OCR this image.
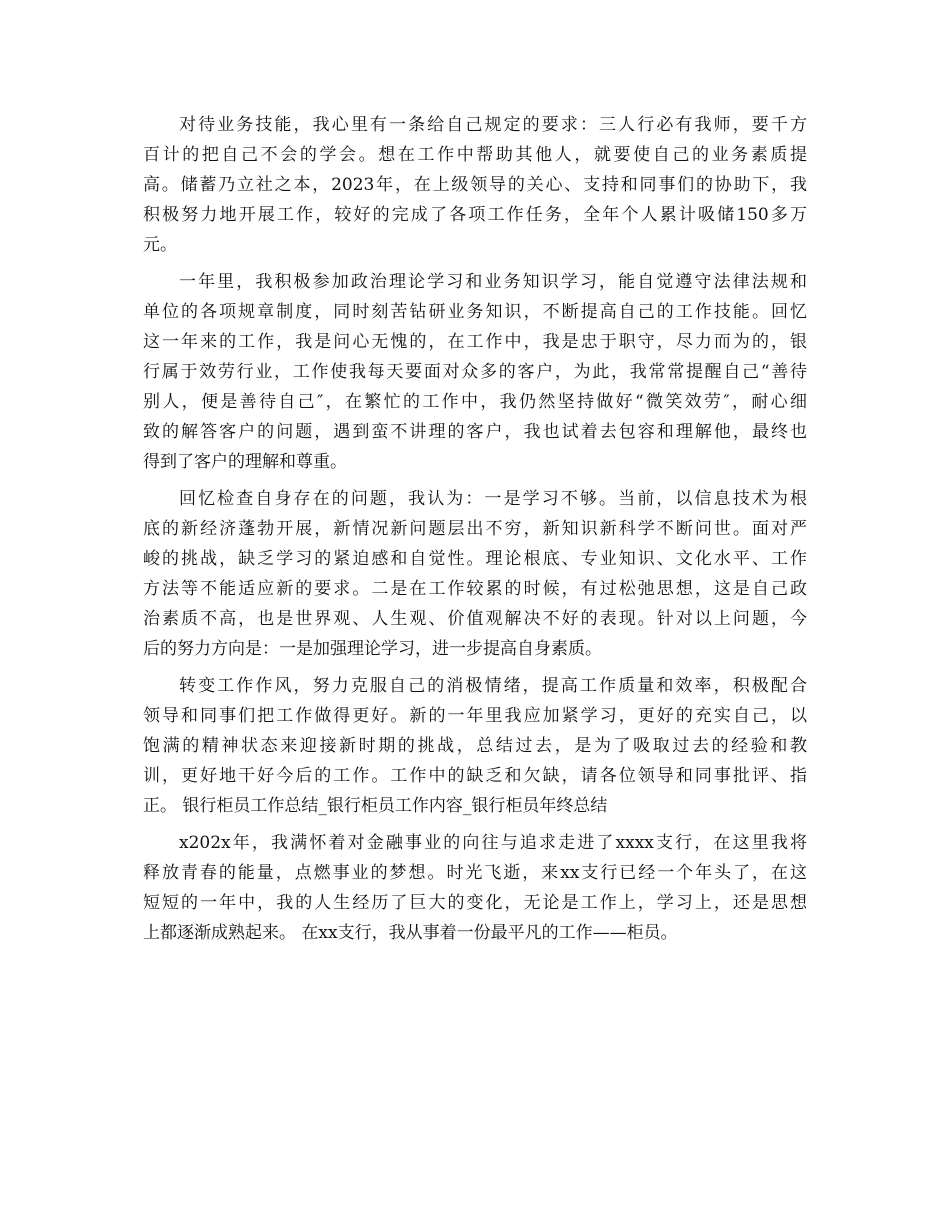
对待业务技能，我心里有一条给自己规定的要求：三人行必有我师，要千方
百计的把自己不会的学会。想在工作中帮助其他人，就要使自己的业务素质提
高。储蓄乃立社之本，2023年，在上级领导的关心、支持和同事们的协助下，我
积极努力地开展工作，较好的完成了各项工作任务，全年个人累计吸储150多万
元。
一年里，我积极参加政治理论学习和业务知识学习，能自觉遵守法律法规和
单位的各项规章制度，同时刻苦钻研业务知识，不断提高自己的工作技能。回忆
这一年来的工作，我是问心无愧的，在工作中，我是忠于职守，尽力而为的，银
行属于效劳行业，工作使我每天要面对众多的客户，为此，我常常提醒自己“善待
别人，便是善待自己″，在繁忙的工作中，我仍然坚持做好“微笑效劳″，耐心细
致的解答客户的问题，遇到蛮不讲理的客户，我也试着去包容和理解他，最终也
得到了客户的理解和尊重。
回忆检查自身存在的问题，我认为：一是学习不够。当前，以信息技术为根
底的新经济蓬勃开展，新情况新问题层出不穷，新知识新科学不断问世。面对严
峻的挑战，缺乏学习的紧迫感和自觉性。理论根底、专业知识、文化水平、工作
方法等不能适应新的要求。二是在工作较累的时候，有过松弛思想，这是自己政
治素质不高，也是世界观、人生观、价值观解决不好的表现。针对以上问题，今
后的努力方向是：一是加强理论学习，进一步提高自身素质。
转变工作作风，努力克服自己的消极情绪，提高工作质量和效率，积极配合
领导和同事们把工作做得更好。新的一年里我应加紧学习，更好的充实自己，以
饱满的精神状态来迎接新时期的挑战，总结过去，是为了吸取过去的经验和教
训，更好地干好今后的工作。工作中的缺乏和欠缺，请各位领导和同事批评、指
正。 银行柜员工作总结_银行柜员工作内容_银行柜员年终总结
x202x年，我满怀着对金融事业的向往与追求走进了xxxx支行，在这里我将
释放青春的能量，点燃事业的梦想。时光飞逝，来xx支行已经一个年头了，在这
短短的一年中，我的人生经历了巨大的变化，无论是工作上，学习上，还是思想
上都逐渐成熟起来。 在xx支行，我从事着一份最平凡的工作——柜员。
